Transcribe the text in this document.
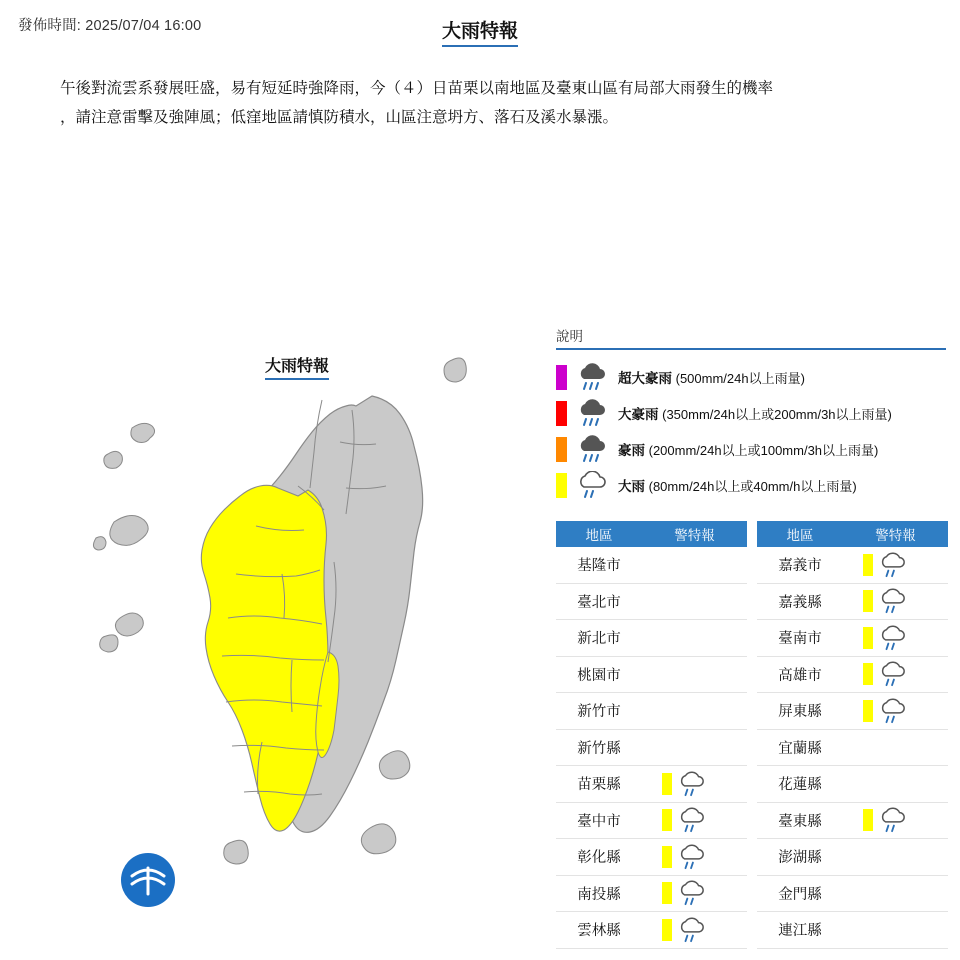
發佈時間: 2025/07/04 16:00	大雨特報
午後對流雲系發展旺盛，易有短延時強降雨，今（４）日苗栗以南地區及臺東山區有局部大雨發生的機率
，請注意雷擊及強陣風；低窪地區請慎防積水，山區注意坍方、落石及溪水暴漲。
大雨特報
說明
超大豪雨 (500mm/24h以上雨量)
大豪雨 (350mm/24h以上或200mm/3h以上雨量)
豪雨 (200mm/24h以上或100mm/3h以上雨量)
大雨 (80mm/24h以上或40mm/h以上雨量)
地區	警特報
基隆市
臺北市
新北市
桃園市
新竹市
新竹縣
苗栗縣
臺中市
彰化縣
南投縣
雲林縣
地區	警特報
嘉義市
嘉義縣
臺南市
高雄市
屏東縣
宜蘭縣
花蓮縣
臺東縣
澎湖縣
金門縣
連江縣
